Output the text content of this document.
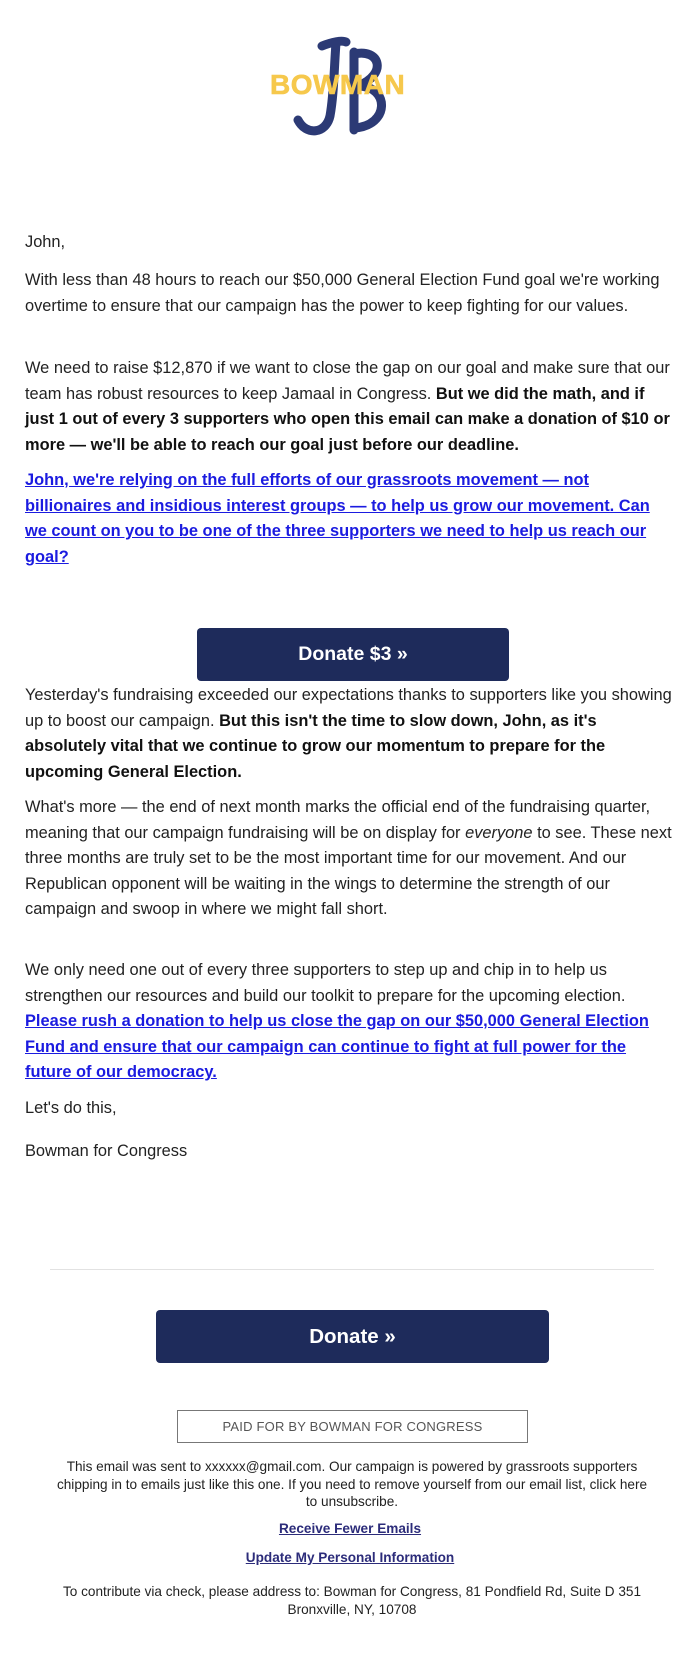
BOWMAN

John,

With less than 48 hours to reach our $50,000 General Election Fund goal we're working overtime to ensure that our campaign has the power to keep fighting for our values.

We need to raise $12,870 if we want to close the gap on our goal and make sure that our team has robust resources to keep Jamaal in Congress. But we did the math, and if just 1 out of every 3 supporters who open this email can make a donation of $10 or more — we'll be able to reach our goal just before our deadline.

John, we're relying on the full efforts of our grassroots movement — not billionaires and insidious interest groups — to help us grow our movement. Can we count on you to be one of the three supporters we need to help us reach our goal?

Yesterday's fundraising exceeded our expectations thanks to supporters like you showing up to boost our campaign. But this isn't the time to slow down, John, as it's absolutely vital that we continue to grow our momentum to prepare for the upcoming General Election.

What's more — the end of next month marks the official end of the fundraising quarter, meaning that our campaign fundraising will be on display for everyone to see. These next three months are truly set to be the most important time for our movement. And our Republican opponent will be waiting in the wings to determine the strength of our campaign and swoop in where we might fall short.

We only need one out of every three supporters to step up and chip in to help us strengthen our resources and build our toolkit to prepare for the upcoming election. Please rush a donation to help us close the gap on our $50,000 General Election Fund and ensure that our campaign can continue to fight at full power for the future of our democracy.

Let's do this,

Bowman for Congress

Donate $3 »
Donate »
PAID FOR BY BOWMAN FOR CONGRESS
This email was sent to xxxxxx@gmail.com. Our campaign is powered by grassroots supporters chipping in to emails just like this one. If you need to remove yourself from our email list, click here to unsubscribe.
Receive Fewer Emails
Update My Personal Information
To contribute via check, please address to: Bowman for Congress, 81 Pondfield Rd, Suite D 351
Bronxville, NY, 10708
